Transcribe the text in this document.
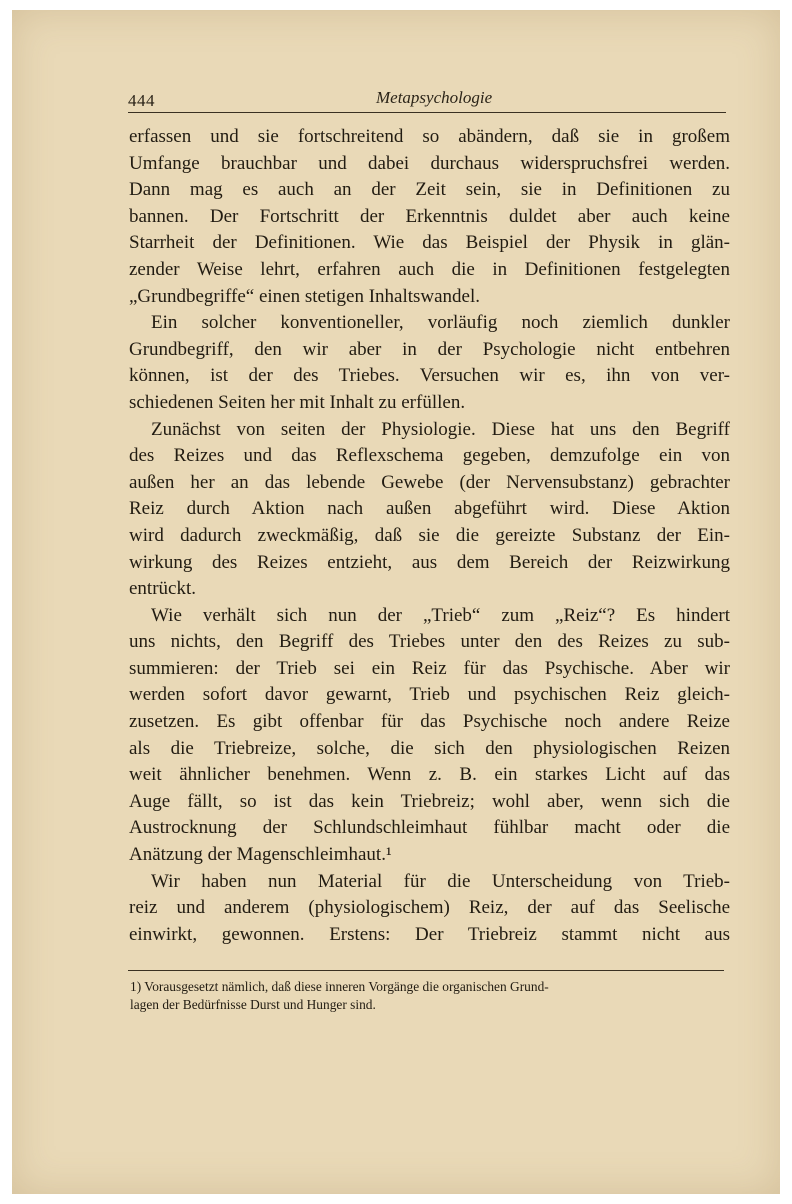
444	Metapsychologie

erfassen und sie fortschreitend so abändern, daß sie in großem

Umfange brauchbar und dabei durchaus widerspruchsfrei werden.

Dann mag es auch an der Zeit sein, sie in Definitionen zu

bannen. Der Fortschritt der Erkenntnis duldet aber auch keine

Starrheit der Definitionen. Wie das Beispiel der Physik in glän-

zender Weise lehrt, erfahren auch die in Definitionen festgelegten

„Grundbegriffe“ einen stetigen Inhaltswandel.

Ein solcher konventioneller, vorläufig noch ziemlich dunkler

Grundbegriff, den wir aber in der Psychologie nicht entbehren

können, ist der des Triebes. Versuchen wir es, ihn von ver-

schiedenen Seiten her mit Inhalt zu erfüllen.

Zunächst von seiten der Physiologie. Diese hat uns den Begriff

des Reizes und das Reflexschema gegeben, demzufolge ein von

außen her an das lebende Gewebe (der Nervensubstanz) gebrachter

Reiz durch Aktion nach außen abgeführt wird. Diese Aktion

wird dadurch zweckmäßig, daß sie die gereizte Substanz der Ein-

wirkung des Reizes entzieht, aus dem Bereich der Reizwirkung

entrückt.

Wie verhält sich nun der „Trieb“ zum „Reiz“? Es hindert

uns nichts, den Begriff des Triebes unter den des Reizes zu sub-

summieren: der Trieb sei ein Reiz für das Psychische. Aber wir

werden sofort davor gewarnt, Trieb und psychischen Reiz gleich-

zusetzen. Es gibt offenbar für das Psychische noch andere Reize

als die Triebreize, solche, die sich den physiologischen Reizen

weit ähnlicher benehmen. Wenn z. B. ein starkes Licht auf das

Auge fällt, so ist das kein Triebreiz; wohl aber, wenn sich die

Austrocknung der Schlundschleimhaut fühlbar macht oder die

Anätzung der Magenschleimhaut.¹

Wir haben nun Material für die Unterscheidung von Trieb-

reiz und anderem (physiologischem) Reiz, der auf das Seelische

einwirkt, gewonnen. Erstens: Der Triebreiz stammt nicht aus

1) Vorausgesetzt nämlich, daß diese inneren Vorgänge die organischen Grund-

lagen der Bedürfnisse Durst und Hunger sind.
